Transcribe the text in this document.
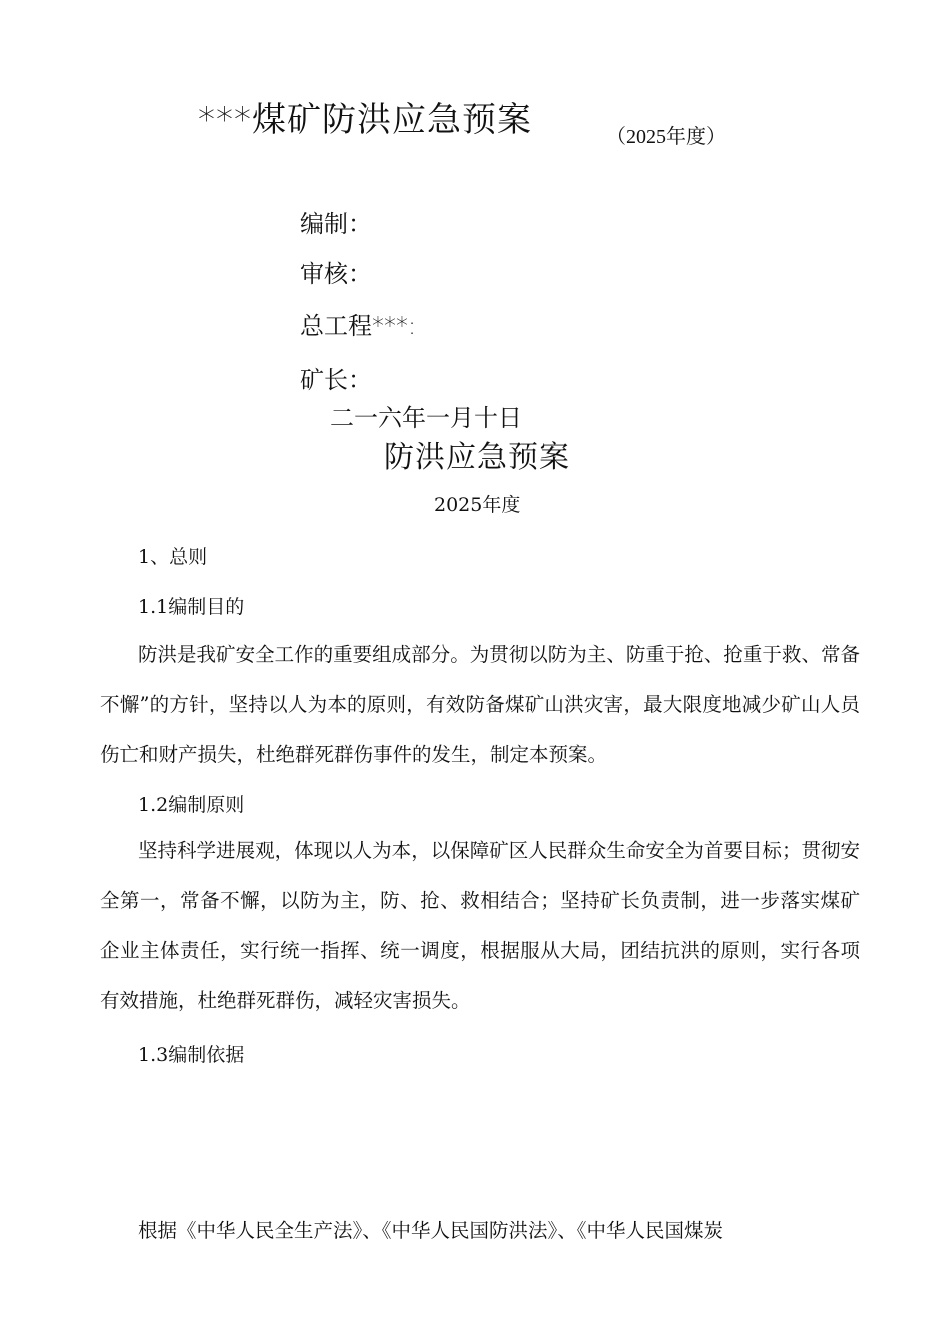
***煤矿防洪应急预案	（2025年度）
编制：
审核：
总工程***:
矿长：
二一六年一月十日
防洪应急预案
2025年度
1、总则
1.1编制目的

防洪是我矿安全工作的重要组成部分。为贯彻以防为主、防重于抢、抢重于救、常备不懈”的方针，坚持以人为本的原则，有效防备煤矿山洪灾害，最大限度地减少矿山人员伤亡和财产损失，杜绝群死群伤事件的发生，制定本预案。

1.2编制原则

坚持科学进展观，体现以人为本，以保障矿区人民群众生命安全为首要目标；贯彻安全第一，常备不懈，以防为主，防、抢、救相结合；坚持矿长负责制，进一步落实煤矿企业主体责任，实行统一指挥、统一调度，根据服从大局，团结抗洪的原则，实行各项有效措施，杜绝群死群伤，减轻灾害损失。

1.3编制依据

根据《中华人民全生产法》、《中华人民国防洪法》、《中华人民国煤炭
